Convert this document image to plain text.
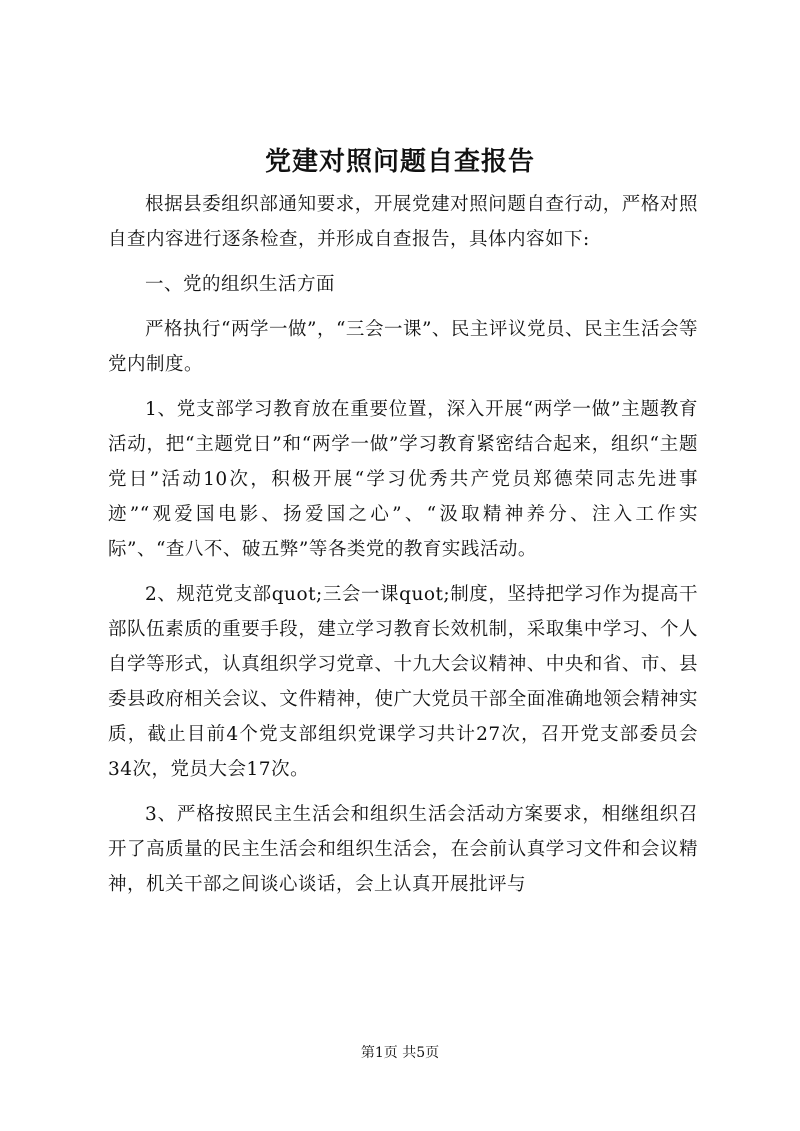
党建对照问题自查报告

根据县委组织部通知要求，开展党建对照问题自查行动，严格对照自查内容进行逐条检查，并形成自查报告，具体内容如下:

一、党的组织生活方面

严格执行“两学一做”，“三会一课”、民主评议党员、民主生活会等党内制度。

1、党支部学习教育放在重要位置，深入开展“两学一做”主题教育活动，把“主题党日”和“两学一做”学习教育紧密结合起来，组织“主题党日”活动10次，积极开展“学习优秀共产党员郑德荣同志先进事迹”“观爱国电影、扬爱国之心”、“汲取精神养分、注入工作实际”、“查八不、破五弊”等各类党的教育实践活动。

2、规范党支部quot;三会一课quot;制度，坚持把学习作为提高干部队伍素质的重要手段，建立学习教育长效机制，采取集中学习、个人自学等形式，认真组织学习党章、十九大会议精神、中央和省、市、县委县政府相关会议、文件精神，使广大党员干部全面准确地领会精神实质，截止目前4个党支部组织党课学习共计27次，召开党支部委员会34次，党员大会17次。

3、严格按照民主生活会和组织生活会活动方案要求，相继组织召开了高质量的民主生活会和组织生活会，在会前认真学习文件和会议精神，机关干部之间谈心谈话，会上认真开展批评与

第1页 共5页
